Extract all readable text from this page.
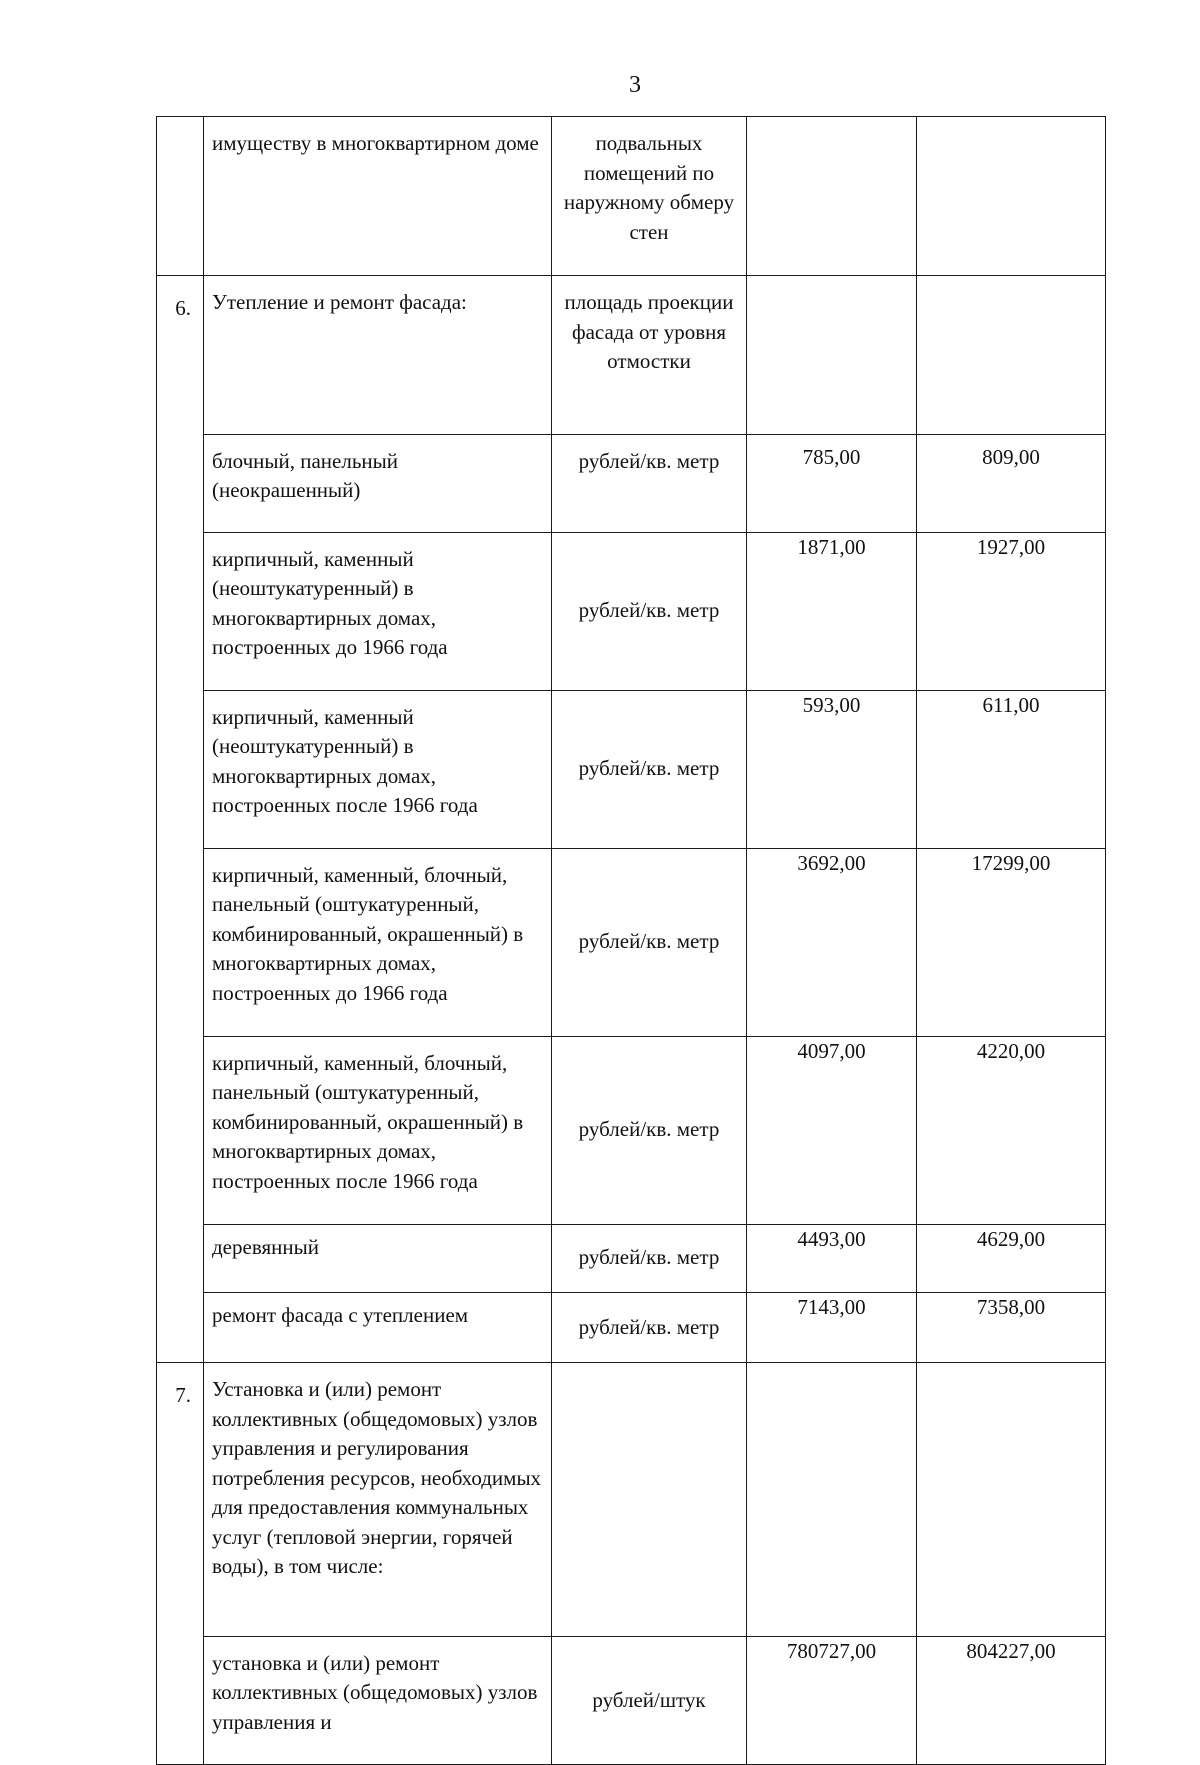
3
	имуществу в многоквартирном доме	подвальных помещений по наружному обмеру стен		
6.	Утепление и ремонт фасада:	площадь проекции фасада от уровня отмостки		
	блочный, панельный (неокрашенный)	рублей/кв. метр	785,00	809,00
	кирпичный, каменный (неоштукатуренный) в многоквартирных домах, построенных до 1966 года	рублей/кв. метр	1871,00	1927,00
	кирпичный, каменный (неоштукатуренный) в многоквартирных домах, построенных после 1966 года	рублей/кв. метр	593,00	611,00
	кирпичный, каменный, блочный, панельный (оштукатуренный, комбинированный, окрашенный) в многоквартирных домах, построенных до 1966 года	рублей/кв. метр	3692,00	17299,00
	кирпичный, каменный, блочный, панельный (оштукатуренный, комбинированный, окрашенный) в многоквартирных домах, построенных после 1966 года	рублей/кв. метр	4097,00	4220,00
	деревянный	рублей/кв. метр	4493,00	4629,00
	ремонт фасада с утеплением	рублей/кв. метр	7143,00	7358,00
7.	Установка и (или) ремонт коллективных (общедомовых) узлов управления и регулирования потребления ресурсов, необходимых для предоставления коммунальных услуг (тепловой энергии, горячей воды), в том числе:			
	установка и (или) ремонт коллективных (общедомовых) узлов управления и	рублей/штук	780727,00	804227,00
